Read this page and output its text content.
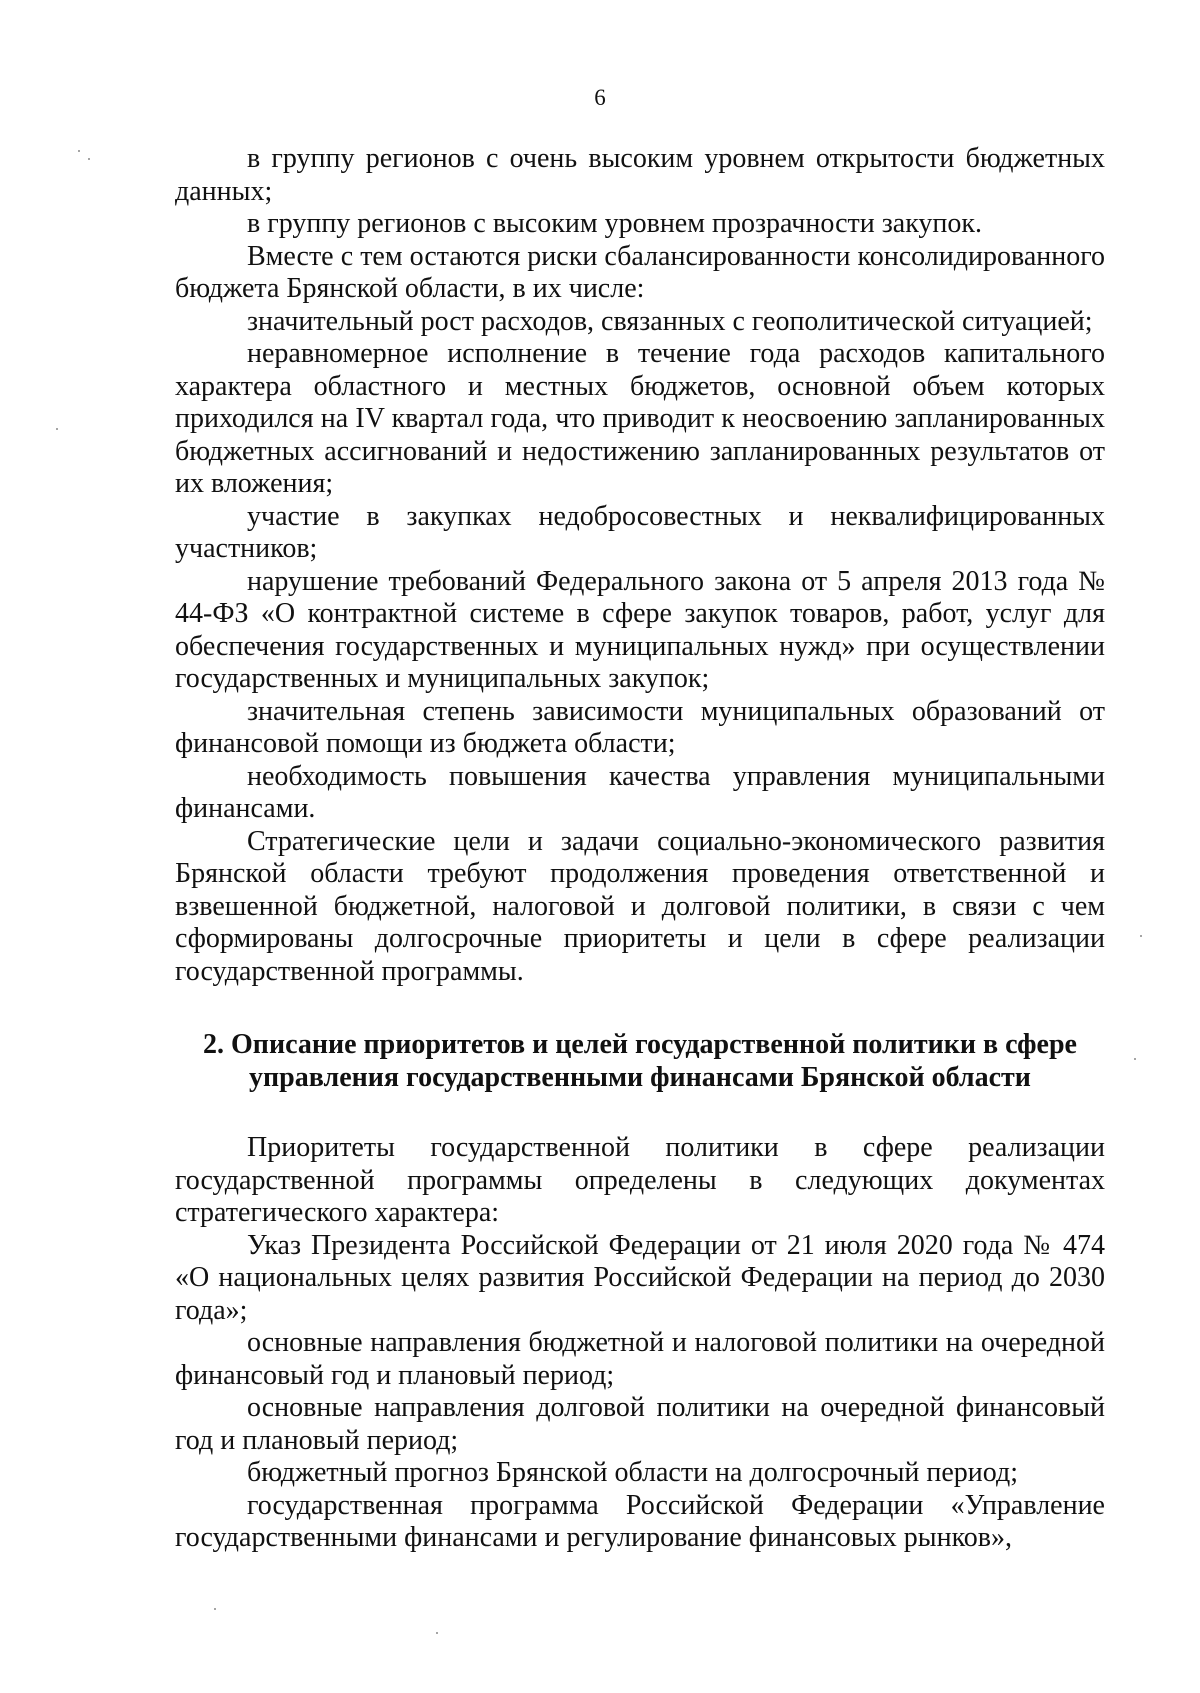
6

в группу регионов с очень высоким уровнем открытости бюджетных данных;

в группу регионов с высоким уровнем прозрачности закупок.

Вместе с тем остаются риски сбалансированности консолидированного бюджета Брянской области, в их числе:

значительный рост расходов, связанных с геополитической ситуацией;

неравномерное исполнение в течение года расходов капитального характера областного и местных бюджетов, основной объем которых приходился на IV квартал года, что приводит к неосвоению запланированных бюджетных ассигнований и недостижению запланированных результатов от их вложения;

участие в закупках недобросовестных и неквалифицированных участников;

нарушение требований Федерального закона от 5 апреля 2013 года № 44-ФЗ «О контрактной системе в сфере закупок товаров, работ, услуг для обеспечения государственных и муниципальных нужд» при осуществлении государственных и муниципальных закупок;

значительная степень зависимости муниципальных образований от финансовой помощи из бюджета области;

необходимость повышения качества управления муниципальными финансами.

Стратегические цели и задачи социально-экономического развития Брянской области требуют продолжения проведения ответственной и взвешенной бюджетной, налоговой и долговой политики, в связи с чем сформированы долгосрочные приоритеты и цели в сфере реализации государственной программы.

2. Описание приоритетов и целей государственной политики в сфере
управления государственными финансами Брянской области

Приоритеты государственной политики в сфере реализации государственной программы определены в следующих документах стратегического характера:

Указ Президента Российской Федерации от 21 июля 2020 года № 474 «О национальных целях развития Российской Федерации на период до 2030 года»;

основные направления бюджетной и налоговой политики на очередной финансовый год и плановый период;

основные направления долговой политики на очередной финансовый год и плановый период;

бюджетный прогноз Брянской области на долгосрочный период;

государственная программа Российской Федерации «Управление государственными финансами и регулирование финансовых рынков»,
